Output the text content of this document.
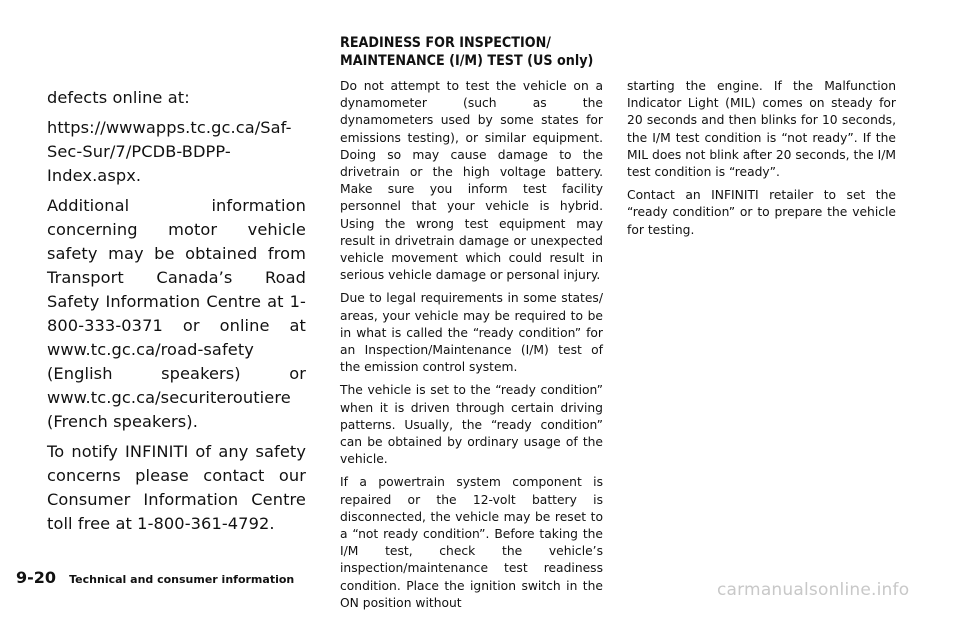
READINESS FOR INSPECTION/
MAINTENANCE (I/M) TEST (US only)

defects online at:

https://wwwapps.tc.gc.ca/Saf-Sec-Sur/7/PCDB-BDPP-Index.aspx.

Additional information concerning motor vehicle safety may be obtained from Transport Canada’s Road Safety Information Centre at 1-800-333-0371 or online at www.tc.gc.ca/road-safety (English speakers) or www.tc.gc.ca/securiteroutiere (French speakers).

To notify INFINITI of any safety concerns please contact our Consumer Information Centre toll free at 1-800-361-4792.

Do not attempt to test the vehicle on a dynamometer (such as the dynamometers used by some states for emissions testing), or similar equipment. Doing so may cause damage to the drivetrain or the high voltage battery. Make sure you inform test facility personnel that your vehicle is hybrid. Using the wrong test equipment may result in drivetrain damage or unexpected vehicle movement which could result in serious vehicle damage or personal injury.

Due to legal requirements in some states/ areas, your vehicle may be required to be in what is called the “ready condition” for an Inspection/Maintenance (I/M) test of the emission control system.

The vehicle is set to the “ready condition” when it is driven through certain driving patterns. Usually, the “ready condition” can be obtained by ordinary usage of the vehicle.

If a powertrain system component is repaired or the 12-volt battery is disconnected, the vehicle may be reset to a “not ready condition”. Before taking the I/M test, check the vehicle’s inspection/maintenance test readiness condition. Place the ignition switch in the ON position without

starting the engine. If the Malfunction Indicator Light (MIL) comes on steady for 20 seconds and then blinks for 10 seconds, the I/M test condition is “not ready”. If the MIL does not blink after 20 seconds, the I/M test condition is “ready”.

Contact an INFINITI retailer to set the “ready condition” or to prepare the vehicle for testing.

9-20 Technical and consumer information
carmanualsonline.info
